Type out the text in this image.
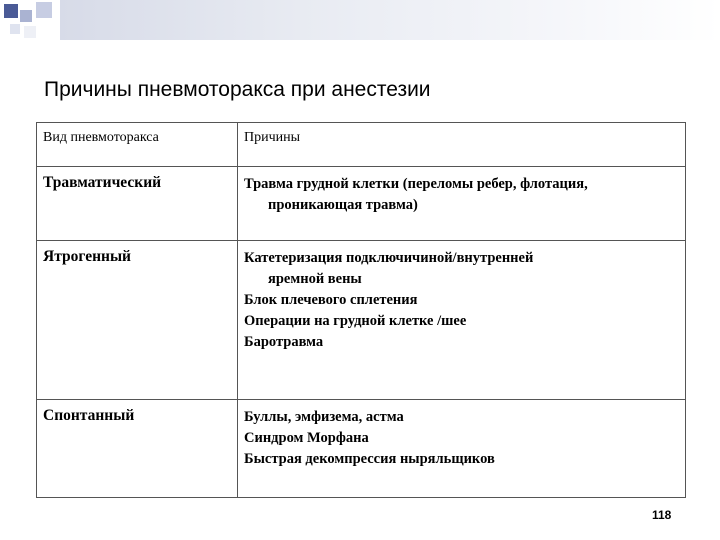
Причины пневмоторакса при анестезии
Вид пневмоторакса	Причины
Травматический	Травма грудной клетки (переломы ребер, флотация,
проникающая травма)

Ятрогенный	Катетеризация подключичиной/внутренней
яремной вены
Блок плечевого сплетения
Операции на грудной клетке /шее
Баротравма

Спонтанный	Буллы, эмфизема, астма
Синдром Морфана
Быстрая декомпрессия ныряльщиков
118
